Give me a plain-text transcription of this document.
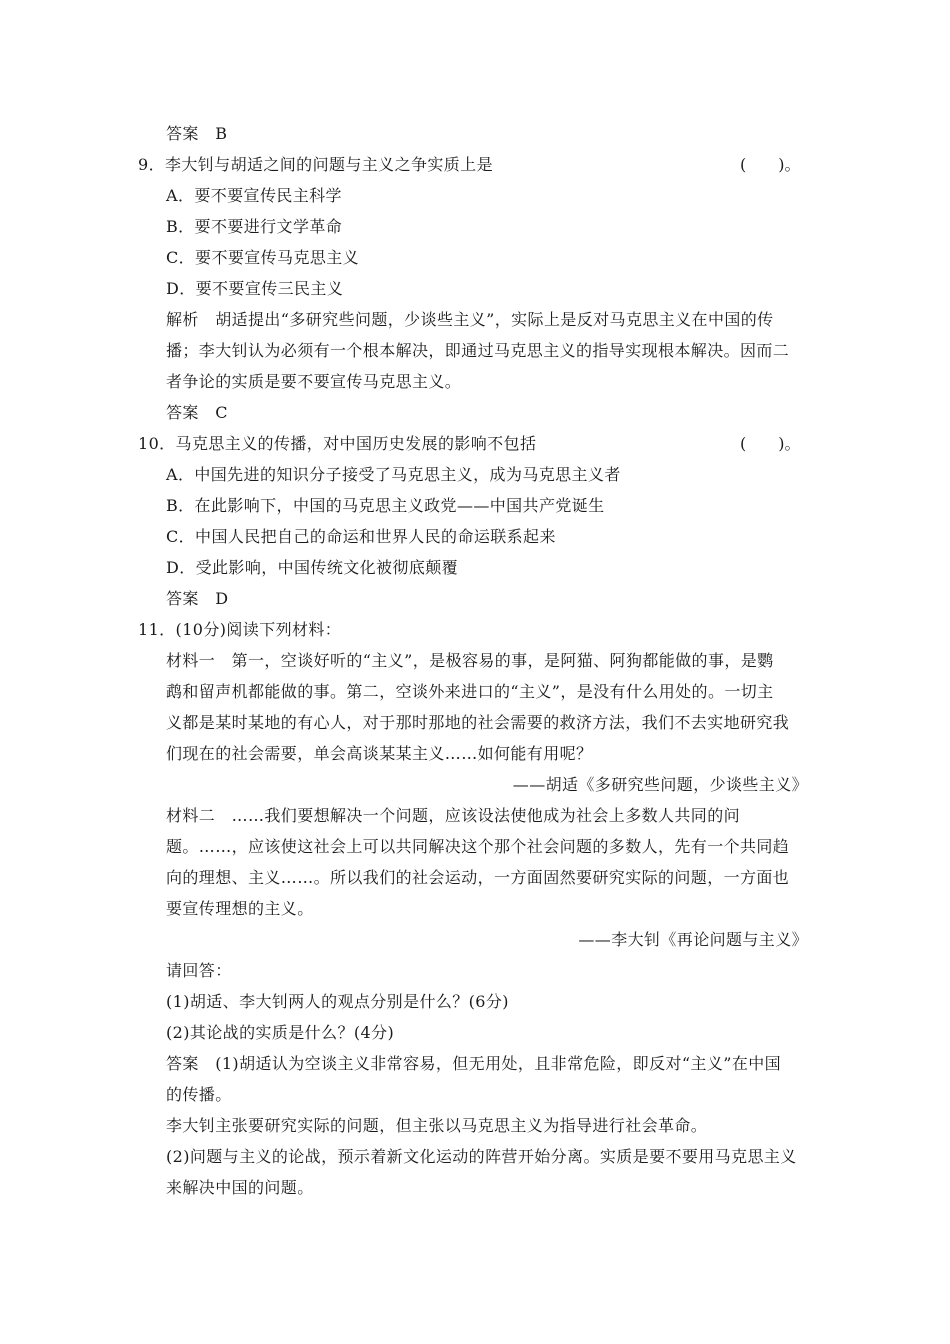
答案　B
9．李大钊与胡适之间的问题与主义之争实质上是	(　　)。
A．要不要宣传民主科学
B．要不要进行文学革命
C．要不要宣传马克思主义
D．要不要宣传三民主义
解析　胡适提出“多研究些问题，少谈些主义”，实际上是反对马克思主义在中国的传
播；李大钊认为必须有一个根本解决，即通过马克思主义的指导实现根本解决。因而二
者争论的实质是要不要宣传马克思主义。
答案　C
10．马克思主义的传播，对中国历史发展的影响不包括	(　　)。
A．中国先进的知识分子接受了马克思主义，成为马克思主义者
B．在此影响下，中国的马克思主义政党——中国共产党诞生
C．中国人民把自己的命运和世界人民的命运联系起来
D．受此影响，中国传统文化被彻底颠覆
答案　D
11．(10分)阅读下列材料：
材料一　第一，空谈好听的“主义”，是极容易的事，是阿猫、阿狗都能做的事，是鹦
鹉和留声机都能做的事。第二，空谈外来进口的“主义”，是没有什么用处的。一切主
义都是某时某地的有心人，对于那时那地的社会需要的救济方法，我们不去实地研究我
们现在的社会需要，单会高谈某某主义……如何能有用呢？
——胡适《多研究些问题，少谈些主义》
材料二　……我们要想解决一个问题，应该设法使他成为社会上多数人共同的问
题。……，应该使这社会上可以共同解决这个那个社会问题的多数人，先有一个共同趋
向的理想、主义……。所以我们的社会运动，一方面固然要研究实际的问题，一方面也
要宣传理想的主义。
——李大钊《再论问题与主义》
请回答：
(1)胡适、李大钊两人的观点分别是什么？(6分)
(2)其论战的实质是什么？(4分)
答案　(1)胡适认为空谈主义非常容易，但无用处，且非常危险，即反对“主义”在中国
的传播。
李大钊主张要研究实际的问题，但主张以马克思主义为指导进行社会革命。
(2)问题与主义的论战，预示着新文化运动的阵营开始分离。实质是要不要用马克思主义
来解决中国的问题。
